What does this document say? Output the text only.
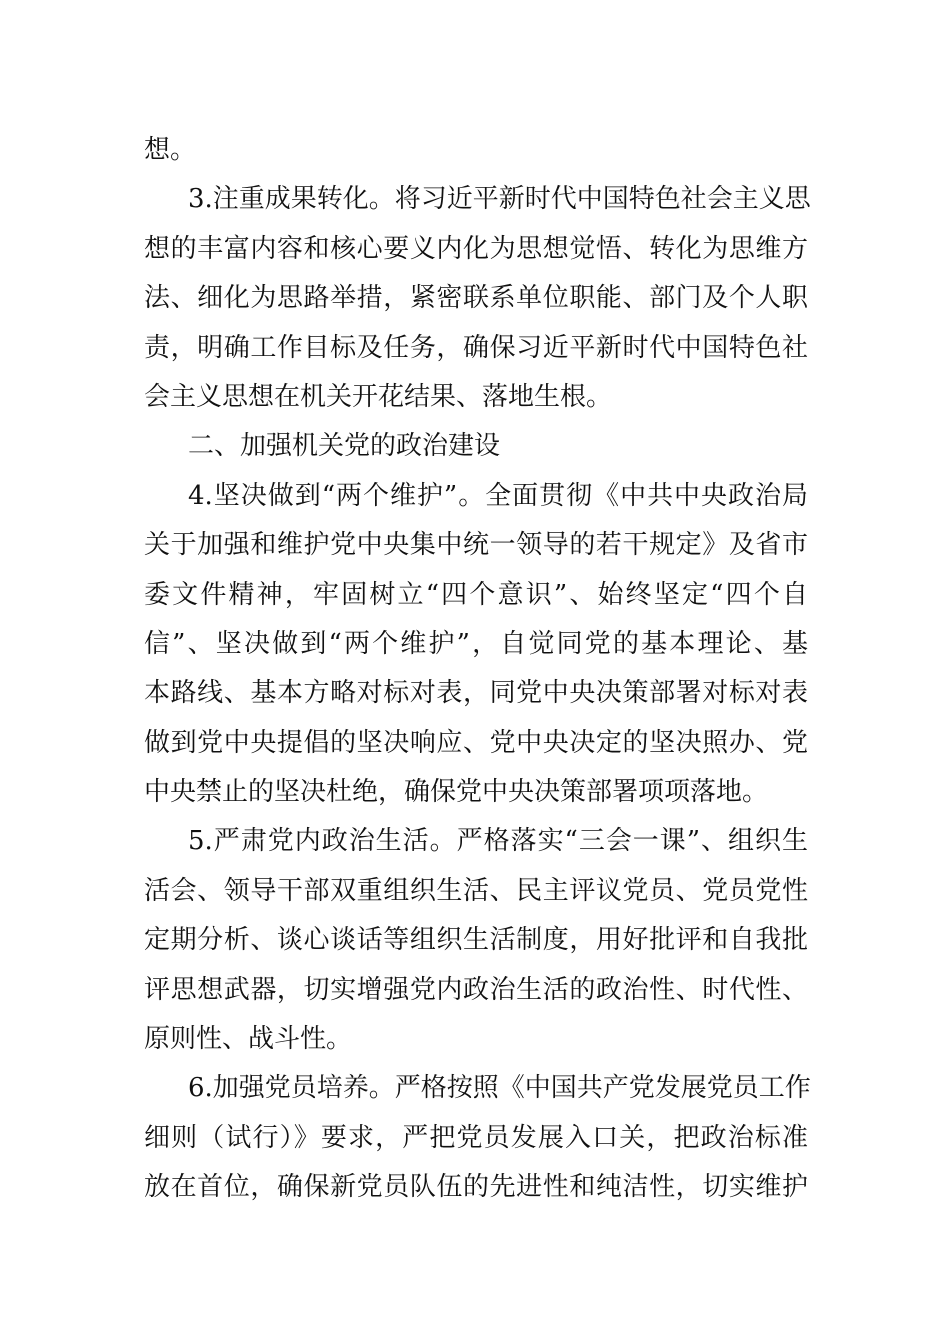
想。
3.注重成果转化。将习近平新时代中国特色社会主义思
想的丰富内容和核心要义内化为思想觉悟、转化为思维方
法、细化为思路举措，紧密联系单位职能、部门及个人职
责，明确工作目标及任务，确保习近平新时代中国特色社
会主义思想在机关开花结果、落地生根。
二、加强机关党的政治建设
4.坚决做到“两个维护”。全面贯彻《中共中央政治局
关于加强和维护党中央集中统一领导的若干规定》及省市
委文件精神，牢固树立“四个意识”、始终坚定“四个自
信”、坚决做到“两个维护”，自觉同党的基本理论、基
本路线、基本方略对标对表，同党中央决策部署对标对表
做到党中央提倡的坚决响应、党中央决定的坚决照办、党
中央禁止的坚决杜绝，确保党中央决策部署项项落地。
5.严肃党内政治生活。严格落实“三会一课”、组织生
活会、领导干部双重组织生活、民主评议党员、党员党性
定期分析、谈心谈话等组织生活制度，用好批评和自我批
评思想武器，切实增强党内政治生活的政治性、时代性、
原则性、战斗性。
6.加强党员培养。严格按照《中国共产党发展党员工作
细则（试行）》要求，严把党员发展入口关，把政治标准
放在首位，确保新党员队伍的先进性和纯洁性，切实维护
